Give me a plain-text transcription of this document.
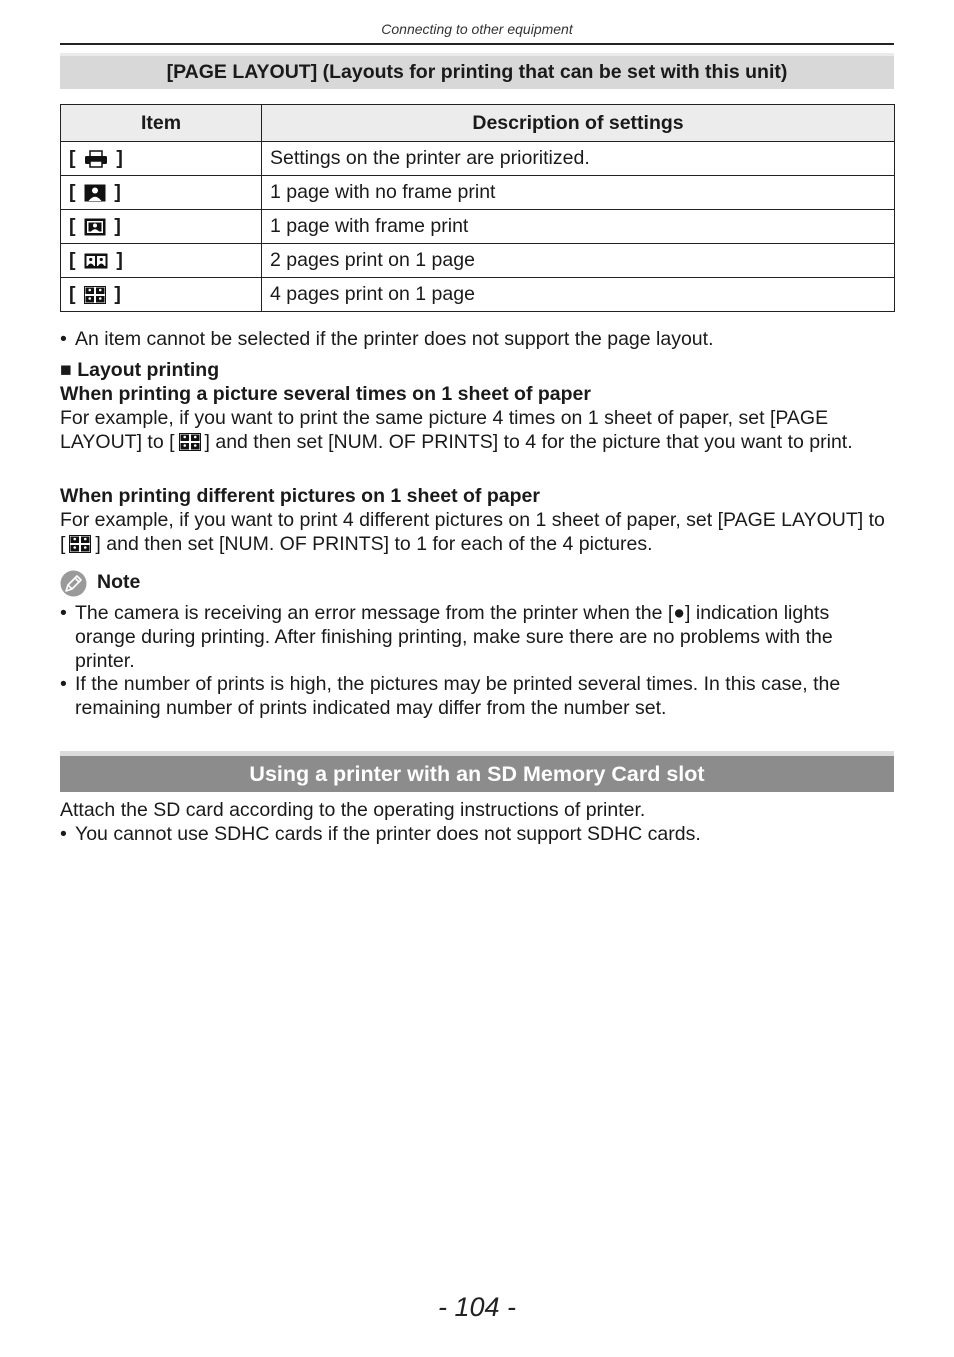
Connecting to other equipment
[PAGE LAYOUT] (Layouts for printing that can be set with this unit)
Item	Description of settings
[ ]	Settings on the printer are prioritized.
[ ]	1 page with no frame print
[ ]	1 page with frame print
[ ]	2 pages print on 1 page
[ ]	4 pages print on 1 page
• An item cannot be selected if the printer does not support the page layout.
■ Layout printing
When printing a picture several times on 1 sheet of paper
For example, if you want to print the same picture 4 times on 1 sheet of paper, set [PAGE LAYOUT] to [ ] and then set [NUM. OF PRINTS] to 4 for the picture that you want to print.
When printing different pictures on 1 sheet of paper
For example, if you want to print 4 different pictures on 1 sheet of paper, set [PAGE LAYOUT] to [ ] and then set [NUM. OF PRINTS] to 1 for each of the 4 pictures.
Note
• The camera is receiving an error message from the printer when the [●] indication lights orange during printing. After finishing printing, make sure there are no problems with the printer.
• If the number of prints is high, the pictures may be printed several times. In this case, the remaining number of prints indicated may differ from the number set.
Using a printer with an SD Memory Card slot
Attach the SD card according to the operating instructions of printer.
• You cannot use SDHC cards if the printer does not support SDHC cards.
- 104 -
